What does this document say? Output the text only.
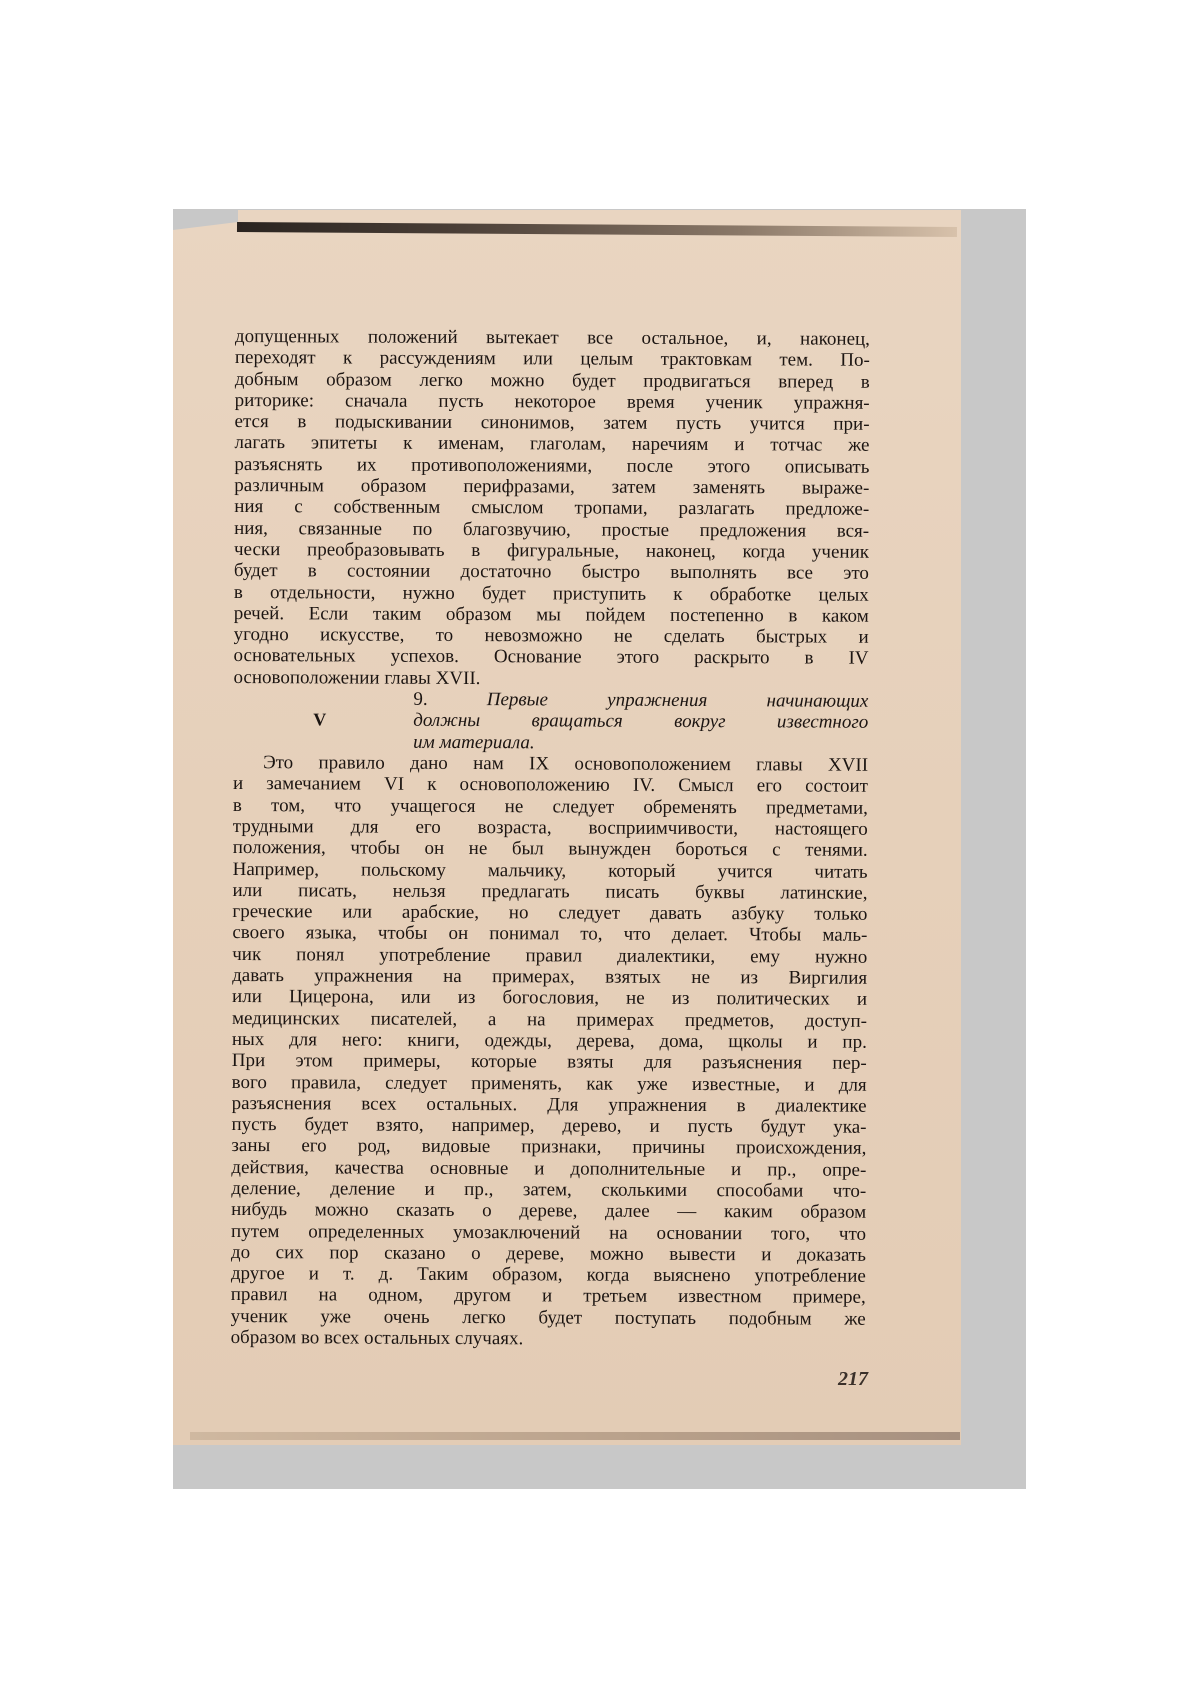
допущенных положений вытекает все остальное, и, наконец,
переходят к рассуждениям или целым трактовкам тем. По-
добным образом легко можно будет продвигаться вперед в
риторике: сначала пусть некоторое время ученик упражня-
ется в подыскивании синонимов, затем пусть учится при-
лагать эпитеты к именам, глаголам, наречиям и тотчас же
разъяснять их противоположениями, после этого описывать
различным образом перифразами, затем заменять выраже-
ния с собственным смыслом тропами, разлагать предложе-
ния, связанные по благозвучию, простые предложения вся-
чески преобразовывать в фигуральные, наконец, когда ученик
будет в состоянии достаточно быстро выполнять все это
в отдельности, нужно будет приступить к обработке целых
речей. Если таким образом мы пойдем постепенно в каком
угодно искусстве, то невозможно не сделать быстрых и
основательных успехов. Основание этого раскрыто в IV
основоположении главы XVII.
V
9.	Первые упражнения начинающих
должны вращаться вокруг известного
им материала.
Это правило дано нам IX основоположением главы XVII
и замечанием VI к основоположению IV. Смысл его состоит
в том, что учащегося не следует обременять предметами,
трудными для его возраста, восприимчивости, настоящего
положения, чтобы он не был вынужден бороться с тенями.
Например, польскому мальчику, который учится читать
или писать, нельзя предлагать писать буквы латинские,
греческие или арабские, но следует давать азбуку только
своего языка, чтобы он понимал то, что делает. Чтобы маль-
чик понял употребление правил диалектики, ему нужно
давать упражнения на примерах, взятых не из Виргилия
или Цицерона, или из богословия, не из политических и
медицинских писателей, а на примерах предметов, доступ-
ных для него: книги, одежды, дерева, дома, щколы и пр.
При этом примеры, которые взяты для разъяснения пер-
вого правила, следует применять, как уже известные, и для
разъяснения всех остальных. Для упражнения в диалектике
пусть будет взято, например, дерево, и пусть будут ука-
заны его род, видовые признаки, причины происхождения,
действия, качества основные и дополнительные и пр., опре-
деление, деление и пр., затем, сколькими способами что-
нибудь можно сказать о дереве, далее — каким образом
путем определенных умозаключений на основании того, что
до сих пор сказано о дереве, можно вывести и доказать
другое и т. д. Таким образом, когда выяснено употребление
правил на одном, другом и третьем известном примере,
ученик уже очень легко будет поступать подобным же
образом во всех остальных случаях.
217
